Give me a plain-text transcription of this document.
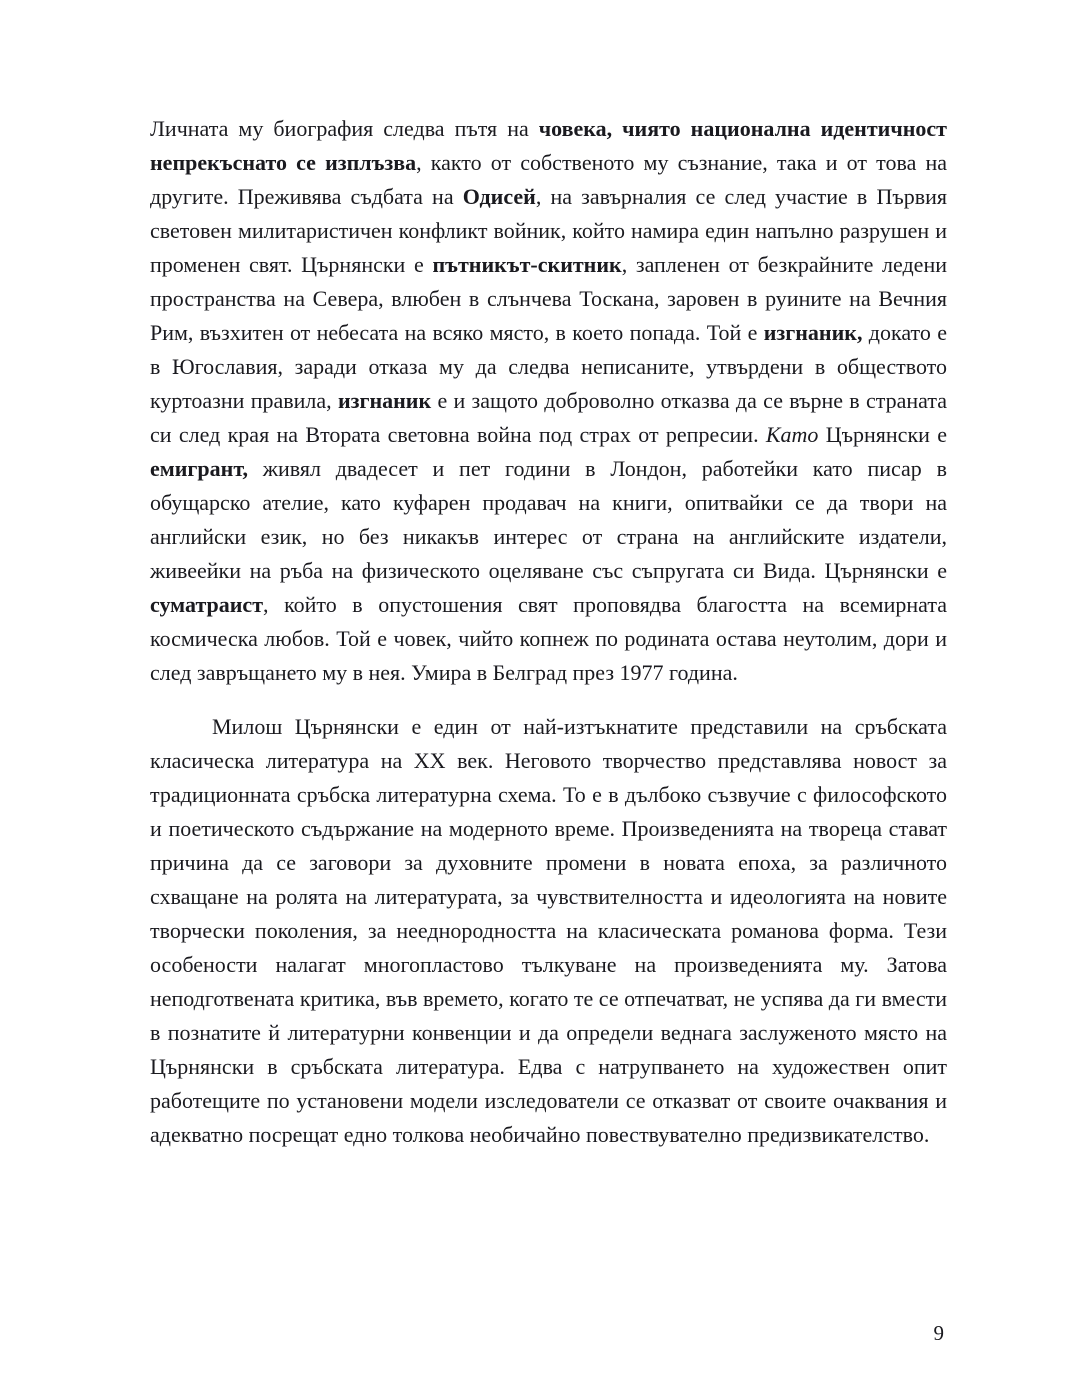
Личната му биография следва пътя на човека, чиято национална идентичност непрекъснато се изплъзва, както от собственото му съзнание, така и от това на другите. Преживява съдбата на Одисей, на завърналия се след участие в Първия световен милитаристичен конфликт войник, който намира един напълно разрушен и променен свят. Църнянски е пътникът-скитник, запленен от безкрайните ледени пространства на Севера, влюбен в слънчева Тоскана, заровен в руините на Вечния Рим, възхитен от небесата на всяко място, в което попада. Той е изгнаник, докато е в Югославия, заради отказа му да следва неписаните, утвърдени в обществото куртоазни правила, изгнаник е и защото доброволно отказва да се върне в страната си след края на Втората световна война под страх от репресии. Като Църнянски е емигрант, живял двадесет и пет години в Лондон, работейки като писар в обущарско ателие, като куфарен продавач на книги, опитвайки се да твори на английски език, но без никакъв интерес от страна на английските издатели, живеейки на ръба на физическото оцеляване със съпругата си Вида. Църнянски е суматраист, който в опустошения свят проповядва благостта на всемирната космическа любов. Той е човек, чийто копнеж по родината остава неутолим, дори и след завръщането му в нея. Умира в Белград през 1977 година.

Милош Църнянски е един от най-изтъкнатите представили на сръбската класическа литература на ХХ век. Неговото творчество представлява новост за традиционната сръбска литературна схема. То е в дълбоко съзвучие с философското и поетическото съдържание на модерното време. Произведенията на твореца стават причина да се заговори за духовните промени в новата епоха, за различното схващане на ролята на литературата, за чувствителността и идеологията на новите творчески поколения, за нееднородността на класическата романова форма. Тези особености налагат многопластово тълкуване на произведенията му. Затова неподготвената критика, във времето, когато те се отпечатват, не успява да ги вмести в познатите й литературни конвенции и да определи веднага заслуженото място на Църнянски в сръбската литература. Едва с натрупването на художествен опит работещите по установени модели изследователи се отказват от своите очаквания и адекватно посрещат едно толкова необичайно повествувателно предизвикателство.

9
